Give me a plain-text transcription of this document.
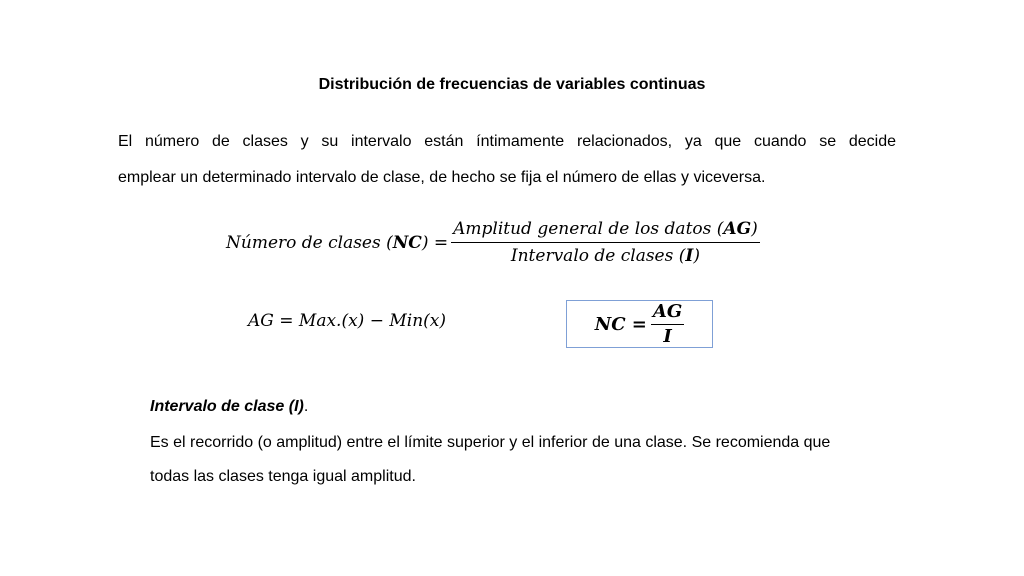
Distribución de frecuencias de variables continuas
El número de clases y su intervalo están íntimamente relacionados, ya que cuando se decide
emplear un determinado intervalo de clase, de hecho se fija el número de ellas y viceversa.
Número de clases $(NC) = \frac{\text{Amplitud general de los datos (AG)}}{\text{Intervalo de clases (I)}}$
AG = Max.(x) − Min(x)	NC = $\frac{AG}{I}$
Intervalo de clase (I).
Es el recorrido (o amplitud) entre el límite superior y el inferior de una clase. Se recomienda que
todas las clases tenga igual amplitud.
